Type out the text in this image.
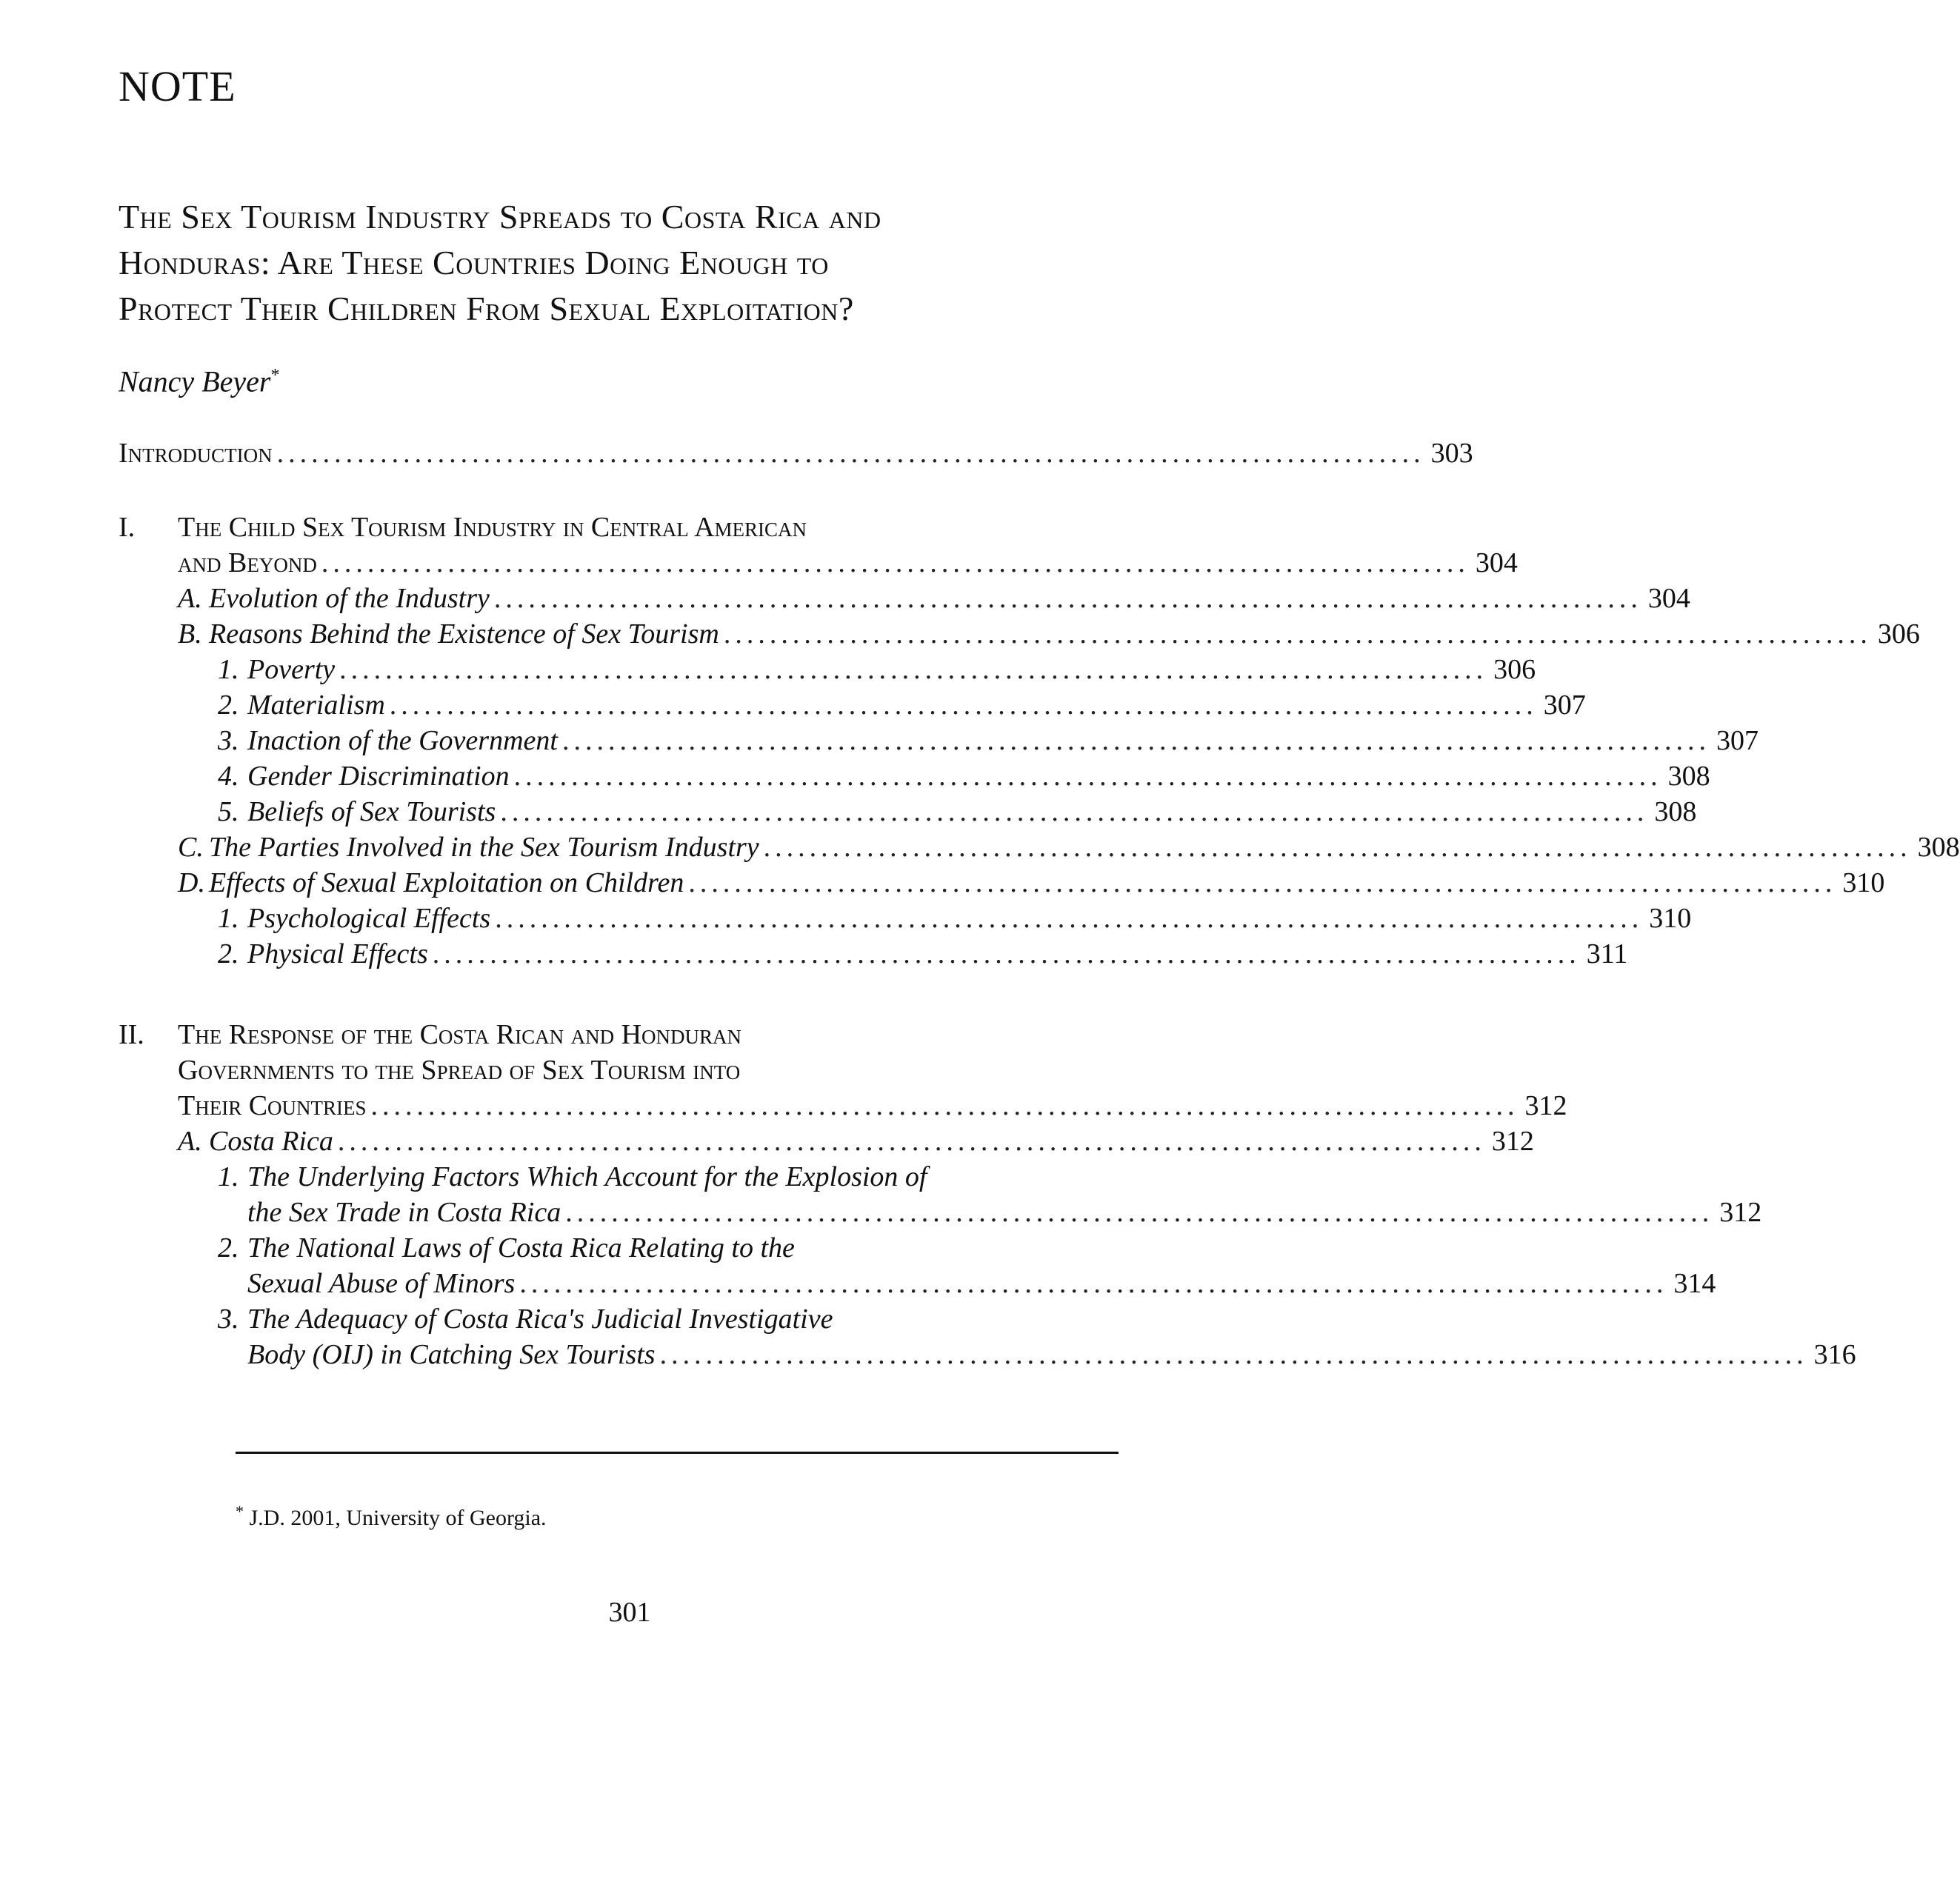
NOTE
The Sex Tourism Industry Spreads to Costa Rica and
Honduras: Are These Countries Doing Enough to
Protect Their Children From Sexual Exploitation?
Nancy Beyer*
Introduction .................................................................................................... 303
I. The Child Sex Tourism Industry in Central American
and Beyond .................................................................................................... 304
A. Evolution of the Industry .................................................................................................... 304
B. Reasons Behind the Existence of Sex Tourism .................................................................................................... 306
1. Poverty .................................................................................................... 306
2. Materialism .................................................................................................... 307
3. Inaction of the Government .................................................................................................... 307
4. Gender Discrimination .................................................................................................... 308
5. Beliefs of Sex Tourists .................................................................................................... 308
C. The Parties Involved in the Sex Tourism Industry .................................................................................................... 308
D. Effects of Sexual Exploitation on Children .................................................................................................... 310
1. Psychological Effects .................................................................................................... 310
2. Physical Effects .................................................................................................... 311
II. The Response of the Costa Rican and Honduran
Governments to the Spread of Sex Tourism into
Their Countries .................................................................................................... 312
A. Costa Rica .................................................................................................... 312
1. The Underlying Factors Which Account for the Explosion of
the Sex Trade in Costa Rica .................................................................................................... 312
2. The National Laws of Costa Rica Relating to the
Sexual Abuse of Minors .................................................................................................... 314
3. The Adequacy of Costa Rica's Judicial Investigative
Body (OIJ) in Catching Sex Tourists .................................................................................................... 316
* J.D. 2001, University of Georgia.
301
